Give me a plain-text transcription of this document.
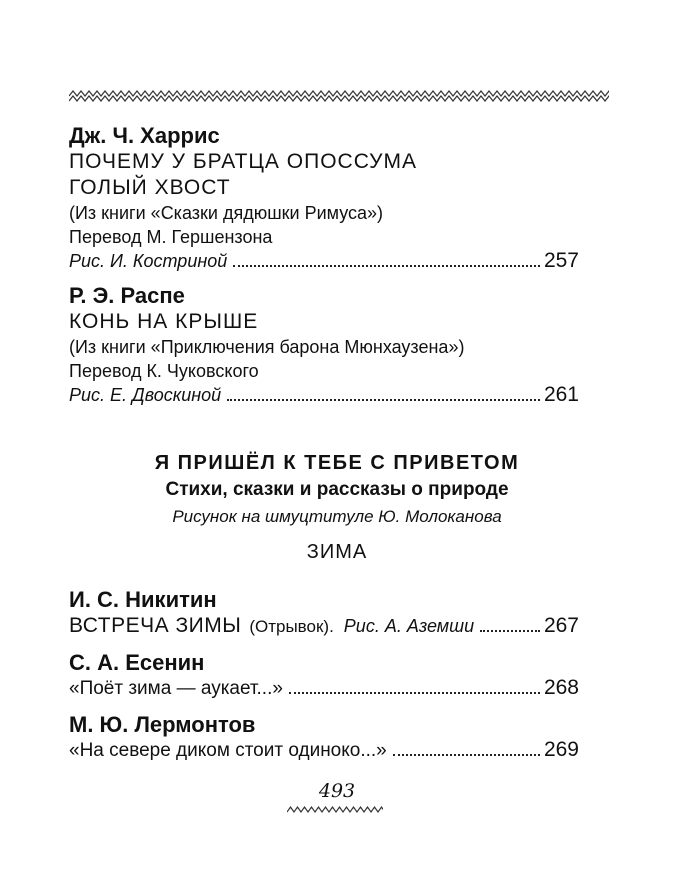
Дж. Ч. Харрис
ПОЧЕМУ У БРАТЦА ОПОССУМА
ГОЛЫЙ ХВОСТ
(Из книги «Сказки дядюшки Римуса»)
Перевод М. Гершензона
Рис. И. Костриной	257
Р. Э. Распе
КОНЬ НА КРЫШЕ
(Из книги «Приключения барона Мюнхаузена»)
Перевод К. Чуковского
Рис. Е. Двоскиной	261
Я ПРИШЁЛ К ТЕБЕ С ПРИВЕТОМ
Стихи, сказки и рассказы о природе
Рисунок на шмуцтитуле Ю. Молоканова
ЗИМА
И. С. Никитин
ВСТРЕЧА ЗИМЫ (Отрывок). Рис. А. Аземши	267
С. А. Есенин
«Поёт зима — аукает...»	268
М. Ю. Лермонтов
«На севере диком стоит одиноко...»	269
493
